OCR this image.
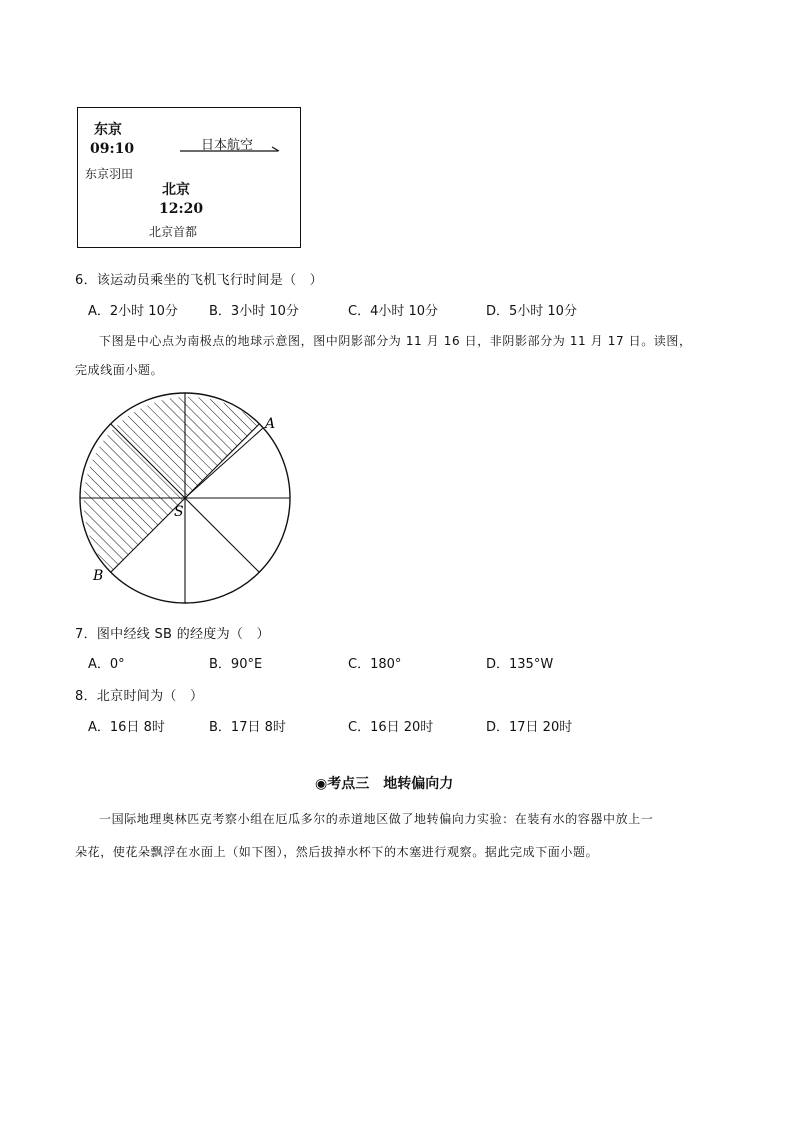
东京
09:10
东京羽田
日本航空
北京
12:20
北京首都
6．该运动员乘坐的飞机飞行时间是（　）
A．2小时 10分 B．3小时 10分	C．4小时 10分	D．5小时 10分
下图是中心点为南极点的地球示意图，图中阴影部分为 11 月 16 日，非阴影部分为 11 月 17 日。读图，
完成线面小题。
A
B
S
7．图中经线 SB 的经度为（　）
A．0°	B．90°E	C．180°	D．135°W
8．北京时间为（　）
A．16日 8时	B．17日 8时	C．16日 20时	D．17日 20时
◉考点三　地转偏向力
一国际地理奥林匹克考察小组在厄瓜多尔的赤道地区做了地转偏向力实验：在装有水的容器中放上一
朵花，使花朵飘浮在水面上（如下图），然后拔掉水杯下的木塞进行观察。据此完成下面小题。
